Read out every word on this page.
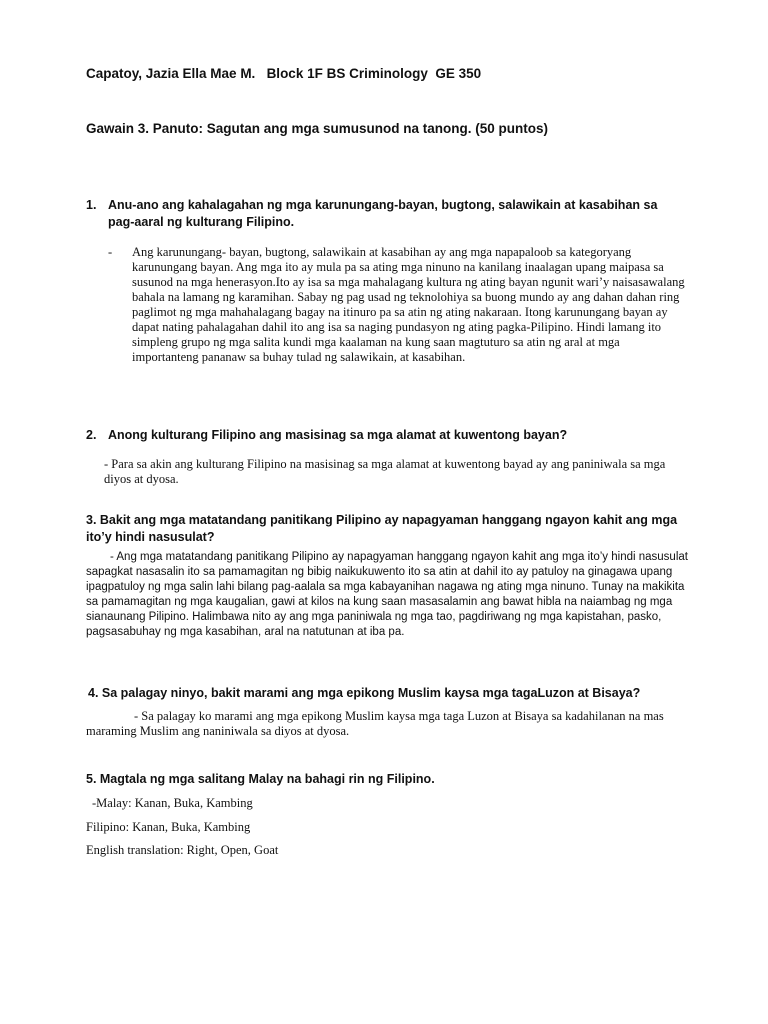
Capatoy, Jazia Ella Mae M.   Block 1F BS Criminology  GE 350
Gawain 3. Panuto: Sagutan ang mga sumusunod na tanong. (50 puntos)
1. Anu-ano ang kahalagahan ng mga karunungang-bayan, bugtong, salawikain at kasabihan sa pag-aaral ng kulturang Filipino.
- Ang karunungang- bayan, bugtong, salawikain at kasabihan ay ang mga napapaloob sa kategoryang karunungang bayan. Ang mga ito ay mula pa sa ating mga ninuno na kanilang inaalagan upang maipasa sa susunod na mga henerasyon.Ito ay isa sa mga mahalagang kultura ng ating bayan ngunit wari’y naisasawalang bahala na lamang ng karamihan. Sabay ng pag usad ng teknolohiya sa buong mundo ay ang dahan dahan ring paglimot ng mga mahahalagang bagay na itinuro pa sa atin ng ating nakaraan. Itong karunungang bayan ay dapat nating pahalagahan dahil ito ang isa sa naging pundasyon ng ating pagka-Pilipino. Hindi lamang ito simpleng grupo ng mga salita kundi mga kaalaman na kung saan magtuturo sa atin ng aral at mga importanteng pananaw sa buhay tulad ng salawikain, at kasabihan.
2. Anong kulturang Filipino ang masisinag sa mga alamat at kuwentong bayan?
- Para sa akin ang kulturang Filipino na masisinag sa mga alamat at kuwentong bayad ay ang paniniwala sa mga diyos at dyosa.
3. Bakit ang mga matatandang panitikang Pilipino ay napagyaman hanggang ngayon kahit ang mga ito’y hindi nasusulat?
- Ang mga matatandang panitikang Pilipino ay napagyaman hanggang ngayon kahit ang mga ito’y hindi nasusulat sapagkat nasasalin ito sa pamamagitan ng bibig naikukuwento ito sa atin at dahil ito ay patuloy na ginagawa upang ipagpatuloy ng mga salin lahi bilang pag-aalala sa mga kabayanihan nagawa ng ating mga ninuno. Tunay na makikita sa pamamagitan ng mga kaugalian, gawi at kilos na kung saan masasalamin ang bawat hibla na naiambag ng mga sianaunang Pilipino. Halimbawa nito ay ang mga paniniwala ng mga tao, pagdiriwang ng mga kapistahan, pasko, pagsasabuhay ng mga kasabihan, aral na natutunan at iba pa.
4. Sa palagay ninyo, bakit marami ang mga epikong Muslim kaysa mga tagaLuzon at Bisaya?
- Sa palagay ko marami ang mga epikong Muslim kaysa mga taga Luzon at Bisaya sa kadahilanan na mas maraming Muslim ang naniniwala sa diyos at dyosa.
5. Magtala ng mga salitang Malay na bahagi rin ng Filipino.
-Malay: Kanan, Buka, Kambing
Filipino: Kanan, Buka, Kambing
English translation: Right, Open, Goat
